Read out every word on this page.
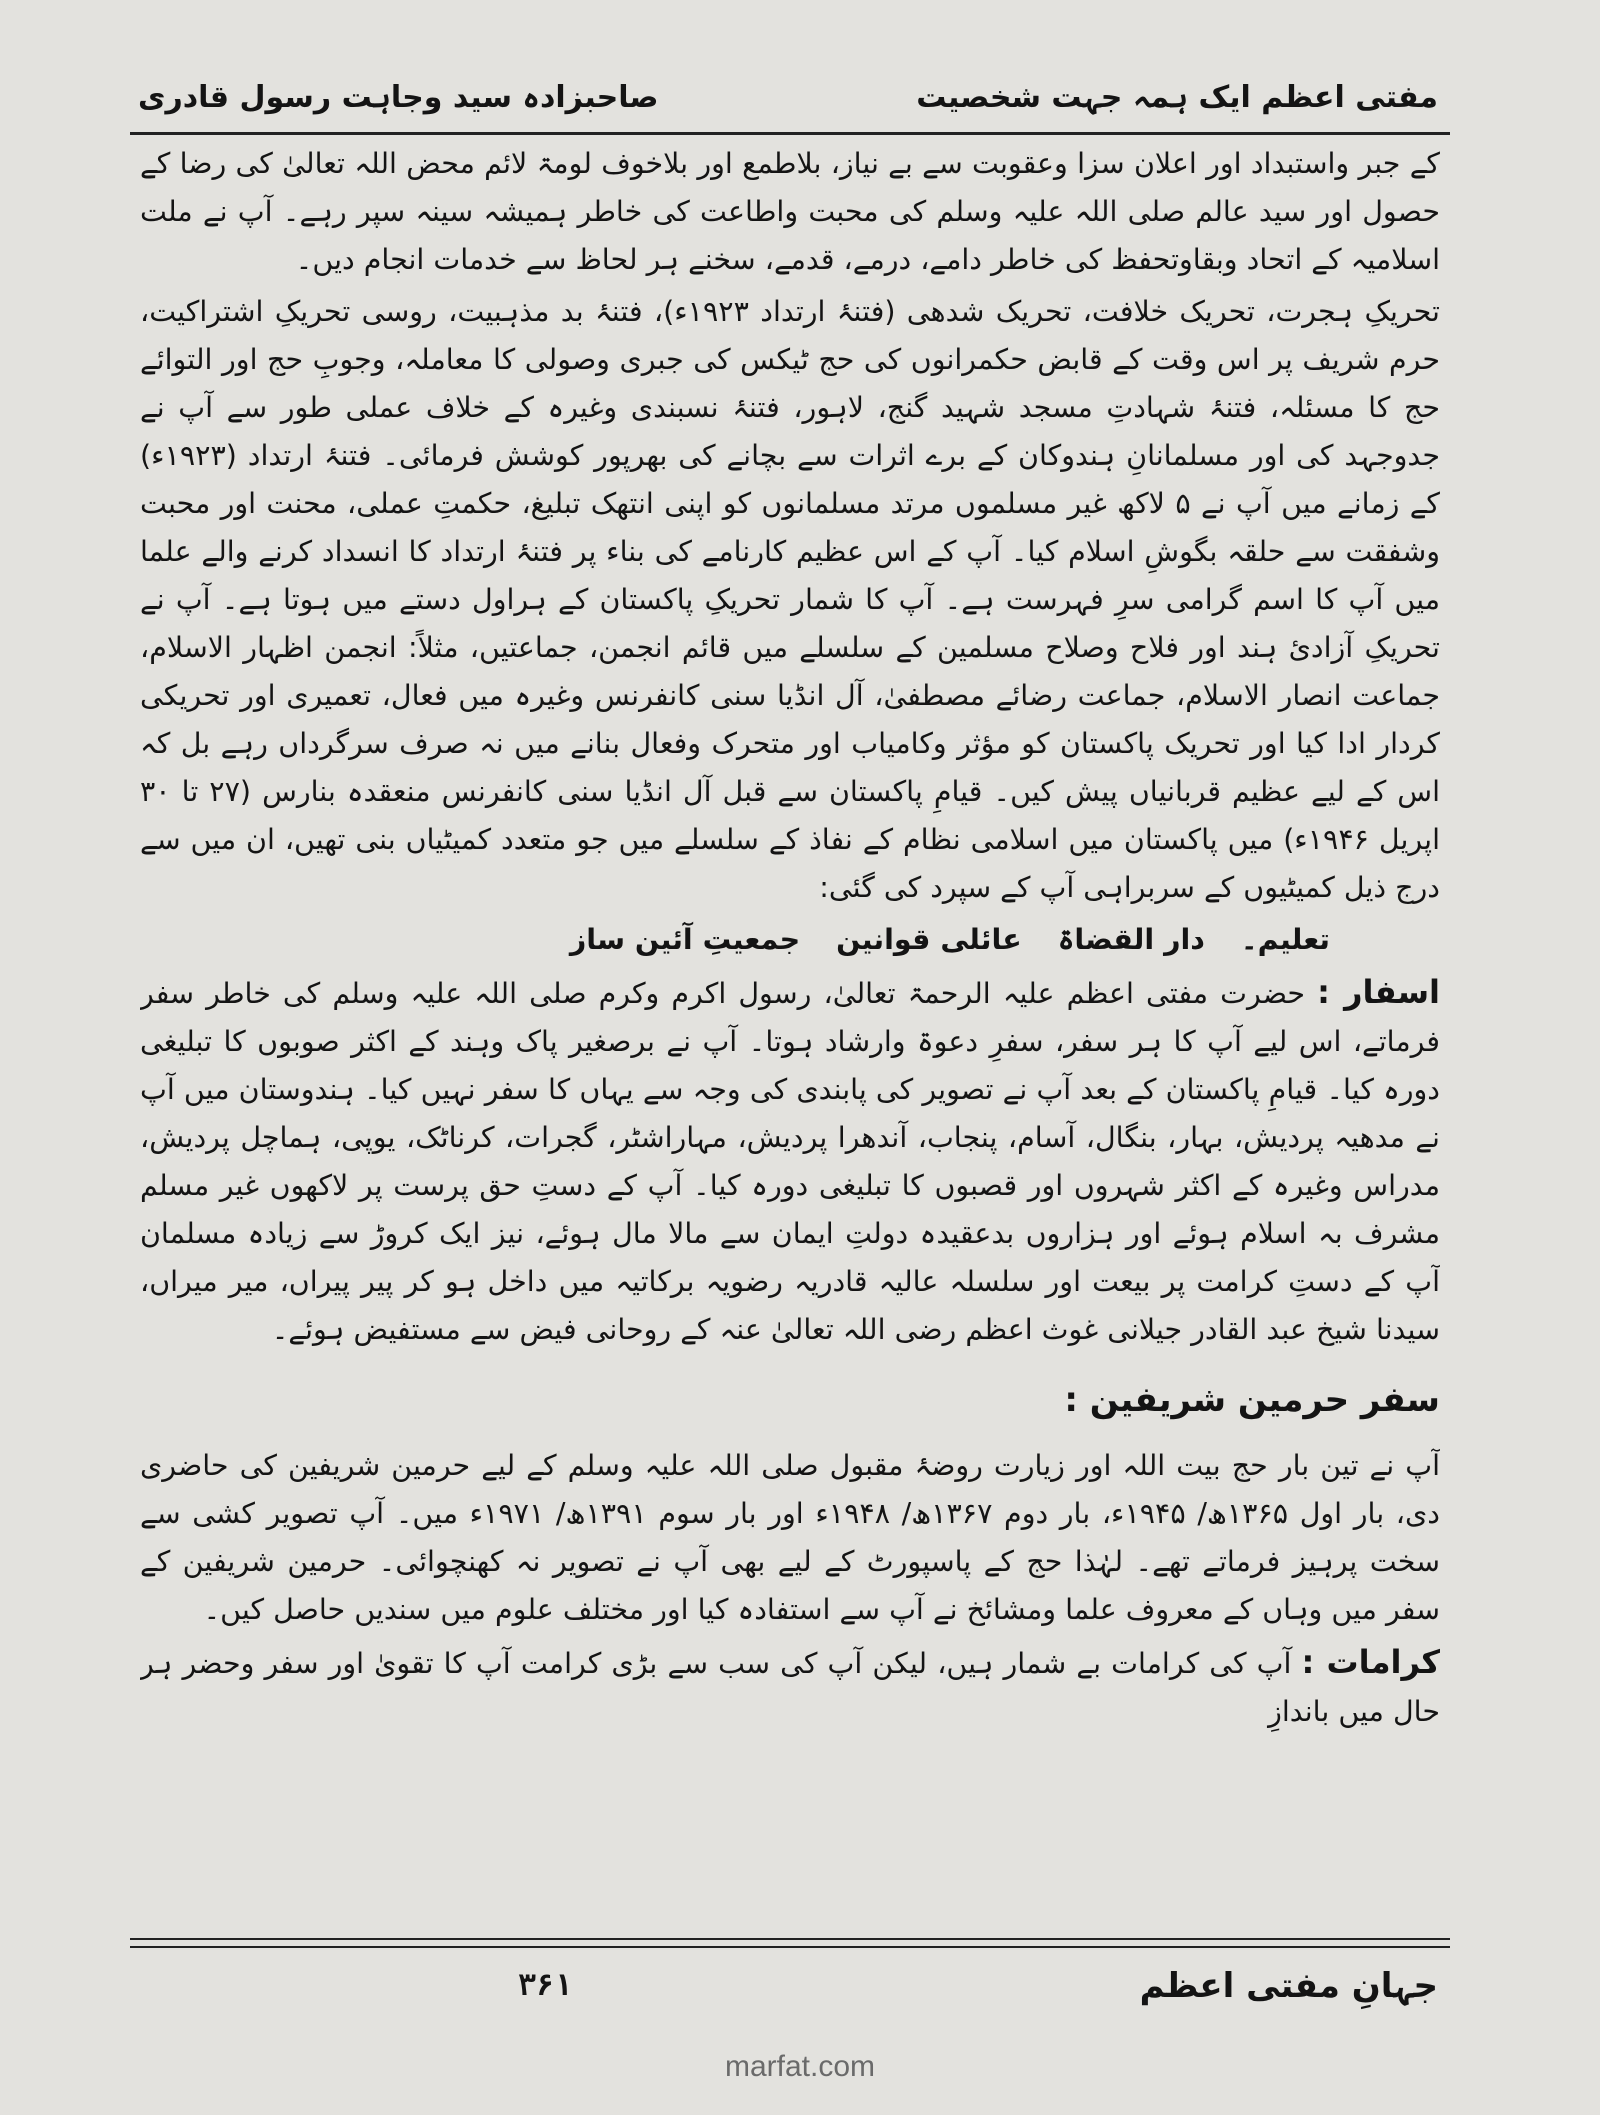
مفتی اعظم ایک ہمہ جہت شخصیت
صاحبزادہ سید وجاہت رسول قادری

کے جبر واستبداد اور اعلان سزا وعقوبت سے بے نیاز، بلاطمع اور بلاخوف لومۃ لائم محض اللہ تعالیٰ کی رضا کے حصول اور سید عالم صلی اللہ علیہ وسلم کی محبت واطاعت کی خاطر ہمیشہ سینہ سپر رہے۔ آپ نے ملت اسلامیہ کے اتحاد وبقاوتحفظ کی خاطر دامے، درمے، قدمے، سخنے ہر لحاظ سے خدمات انجام دیں۔

تحریکِ ہجرت، تحریک خلافت، تحریک شدھی (فتنۂ ارتداد ۱۹۲۳ء)، فتنۂ بد مذہبیت، روسی تحریکِ اشتراکیت، حرم شریف پر اس وقت کے قابض حکمرانوں کی حج ٹیکس کی جبری وصولی کا معاملہ، وجوبِ حج اور التوائے حج کا مسئلہ، فتنۂ شہادتِ مسجد شہید گنج، لاہور، فتنۂ نسبندی وغیرہ کے خلاف عملی طور سے آپ نے جدوجہد کی اور مسلمانانِ ہندوکان کے برے اثرات سے بچانے کی بھرپور کوشش فرمائی۔ فتنۂ ارتداد (۱۹۲۳ء) کے زمانے میں آپ نے ۵ لاکھ غیر مسلموں مرتد مسلمانوں کو اپنی انتھک تبلیغ، حکمتِ عملی، محنت اور محبت وشفقت سے حلقہ بگوشِ اسلام کیا۔ آپ کے اس عظیم کارنامے کی بناء پر فتنۂ ارتداد کا انسداد کرنے والے علما میں آپ کا اسم گرامی سرِ فہرست ہے۔ آپ کا شمار تحریکِ پاکستان کے ہراول دستے میں ہوتا ہے۔ آپ نے تحریکِ آزادیٔ ہند اور فلاح وصلاح مسلمین کے سلسلے میں قائم انجمن، جماعتیں، مثلاً: انجمن اظہار الاسلام، جماعت انصار الاسلام، جماعت رضائے مصطفیٰ، آل انڈیا سنی کانفرنس وغیرہ میں فعال، تعمیری اور تحریکی کردار ادا کیا اور تحریک پاکستان کو مؤثر وکامیاب اور متحرک وفعال بنانے میں نہ صرف سرگرداں رہے بل کہ اس کے لیے عظیم قربانیاں پیش کیں۔ قیامِ پاکستان سے قبل آل انڈیا سنی کانفرنس منعقدہ بنارس (۲۷ تا ۳۰ اپریل ۱۹۴۶ء) میں پاکستان میں اسلامی نظام کے نفاذ کے سلسلے میں جو متعدد کمیٹیاں بنی تھیں، ان میں سے درج ذیل کمیٹیوں کے سربراہی آپ کے سپرد کی گئی:

تعلیم۔
دار القضاۃ
عائلی قوانین
جمعیتِ آئین ساز

اسفار : حضرت مفتی اعظم علیہ الرحمۃ تعالیٰ، رسول اکرم وکرم صلی اللہ علیہ وسلم کی خاطر سفر فرماتے، اس لیے آپ کا ہر سفر، سفرِ دعوۃ وارشاد ہوتا۔ آپ نے برصغیر پاک وہند کے اکثر صوبوں کا تبلیغی دورہ کیا۔ قیامِ پاکستان کے بعد آپ نے تصویر کی پابندی کی وجہ سے یہاں کا سفر نہیں کیا۔ ہندوستان میں آپ نے مدھیہ پردیش، بہار، بنگال، آسام، پنجاب، آندھرا پردیش، مہاراشٹر، گجرات، کرناٹک، یوپی، ہماچل پردیش، مدراس وغیرہ کے اکثر شہروں اور قصبوں کا تبلیغی دورہ کیا۔ آپ کے دستِ حق پرست پر لاکھوں غیر مسلم مشرف بہ اسلام ہوئے اور ہزاروں بدعقیدہ دولتِ ایمان سے مالا مال ہوئے، نیز ایک کروڑ سے زیادہ مسلمان آپ کے دستِ کرامت پر بیعت اور سلسلہ عالیہ قادریہ رضویہ برکاتیہ میں داخل ہو کر پیر پیراں، میر میراں، سیدنا شیخ عبد القادر جیلانی غوث اعظم رضی اللہ تعالیٰ عنہ کے روحانی فیض سے مستفیض ہوئے۔

سفر حرمین شریفین :

آپ نے تین بار حج بیت اللہ اور زیارت روضۂ مقبول صلی اللہ علیہ وسلم کے لیے حرمین شریفین کی حاضری دی، بار اول ۱۳۶۵ھ/ ۱۹۴۵ء، بار دوم ۱۳۶۷ھ/ ۱۹۴۸ء اور بار سوم ۱۳۹۱ھ/ ۱۹۷۱ء میں۔ آپ تصویر کشی سے سخت پرہیز فرماتے تھے۔ لہٰذا حج کے پاسپورٹ کے لیے بھی آپ نے تصویر نہ کھنچوائی۔ حرمین شریفین کے سفر میں وہاں کے معروف علما ومشائخ نے آپ سے استفادہ کیا اور مختلف علوم میں سندیں حاصل کیں۔

کرامات : آپ کی کرامات بے شمار ہیں، لیکن آپ کی سب سے بڑی کرامت آپ کا تقویٰ اور سفر وحضر ہر حال میں باندازِ

جہانِ مفتی اعظم
۳۶۱
marfat.com
